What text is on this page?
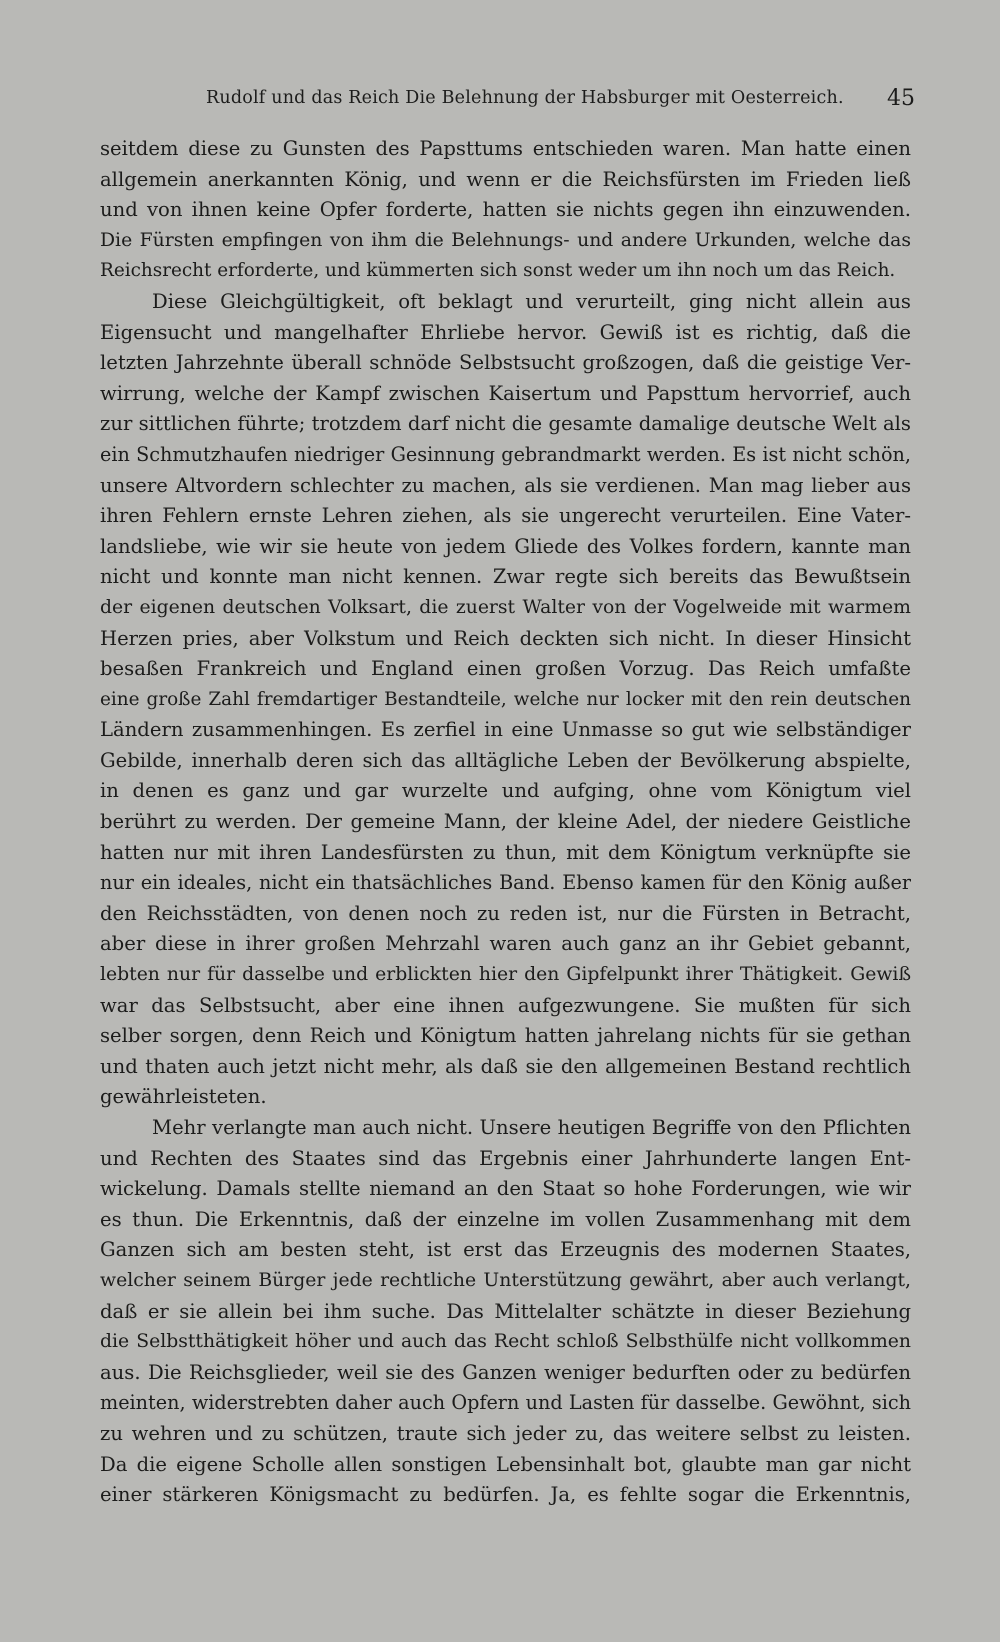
Rudolf und das Reich Die Belehnung der Habsburger mit Oesterreich. 45
seitdem diese zu Gunsten des Papsttums entschieden waren. Man hatte einen
allgemein anerkannten König, und wenn er die Reichsfürsten im Frieden ließ
und von ihnen keine Opfer forderte, hatten sie nichts gegen ihn einzuwenden.
Die Fürsten empfingen von ihm die Belehnungs- und andere Urkunden, welche das
Reichsrecht erforderte, und kümmerten sich sonst weder um ihn noch um das Reich.
Diese Gleichgültigkeit, oft beklagt und verurteilt, ging nicht allein aus
Eigensucht und mangelhafter Ehrliebe hervor. Gewiß ist es richtig, daß die
letzten Jahrzehnte überall schnöde Selbstsucht großzogen, daß die geistige Ver-
wirrung, welche der Kampf zwischen Kaisertum und Papsttum hervorrief, auch
zur sittlichen führte; trotzdem darf nicht die gesamte damalige deutsche Welt als
ein Schmutzhaufen niedriger Gesinnung gebrandmarkt werden. Es ist nicht schön,
unsere Altvordern schlechter zu machen, als sie verdienen. Man mag lieber aus
ihren Fehlern ernste Lehren ziehen, als sie ungerecht verurteilen. Eine Vater-
landsliebe, wie wir sie heute von jedem Gliede des Volkes fordern, kannte man
nicht und konnte man nicht kennen. Zwar regte sich bereits das Bewußtsein
der eigenen deutschen Volksart, die zuerst Walter von der Vogelweide mit warmem
Herzen pries, aber Volkstum und Reich deckten sich nicht. In dieser Hinsicht
besaßen Frankreich und England einen großen Vorzug. Das Reich umfaßte
eine große Zahl fremdartiger Bestandteile, welche nur locker mit den rein deutschen
Ländern zusammenhingen. Es zerfiel in eine Unmasse so gut wie selbständiger
Gebilde, innerhalb deren sich das alltägliche Leben der Bevölkerung abspielte,
in denen es ganz und gar wurzelte und aufging, ohne vom Königtum viel
berührt zu werden. Der gemeine Mann, der kleine Adel, der niedere Geistliche
hatten nur mit ihren Landesfürsten zu thun, mit dem Königtum verknüpfte sie
nur ein ideales, nicht ein thatsächliches Band. Ebenso kamen für den König außer
den Reichsstädten, von denen noch zu reden ist, nur die Fürsten in Betracht,
aber diese in ihrer großen Mehrzahl waren auch ganz an ihr Gebiet gebannt,
lebten nur für dasselbe und erblickten hier den Gipfelpunkt ihrer Thätigkeit. Gewiß
war das Selbstsucht, aber eine ihnen aufgezwungene. Sie mußten für sich
selber sorgen, denn Reich und Königtum hatten jahrelang nichts für sie gethan
und thaten auch jetzt nicht mehr, als daß sie den allgemeinen Bestand rechtlich
gewährleisteten.
Mehr verlangte man auch nicht. Unsere heutigen Begriffe von den Pflichten
und Rechten des Staates sind das Ergebnis einer Jahrhunderte langen Ent-
wickelung. Damals stellte niemand an den Staat so hohe Forderungen, wie wir
es thun. Die Erkenntnis, daß der einzelne im vollen Zusammenhang mit dem
Ganzen sich am besten steht, ist erst das Erzeugnis des modernen Staates,
welcher seinem Bürger jede rechtliche Unterstützung gewährt, aber auch verlangt,
daß er sie allein bei ihm suche. Das Mittelalter schätzte in dieser Beziehung
die Selbstthätigkeit höher und auch das Recht schloß Selbsthülfe nicht vollkommen
aus. Die Reichsglieder, weil sie des Ganzen weniger bedurften oder zu bedürfen
meinten, widerstrebten daher auch Opfern und Lasten für dasselbe. Gewöhnt, sich
zu wehren und zu schützen, traute sich jeder zu, das weitere selbst zu leisten.
Da die eigene Scholle allen sonstigen Lebensinhalt bot, glaubte man gar nicht
einer stärkeren Königsmacht zu bedürfen. Ja, es fehlte sogar die Erkenntnis,
